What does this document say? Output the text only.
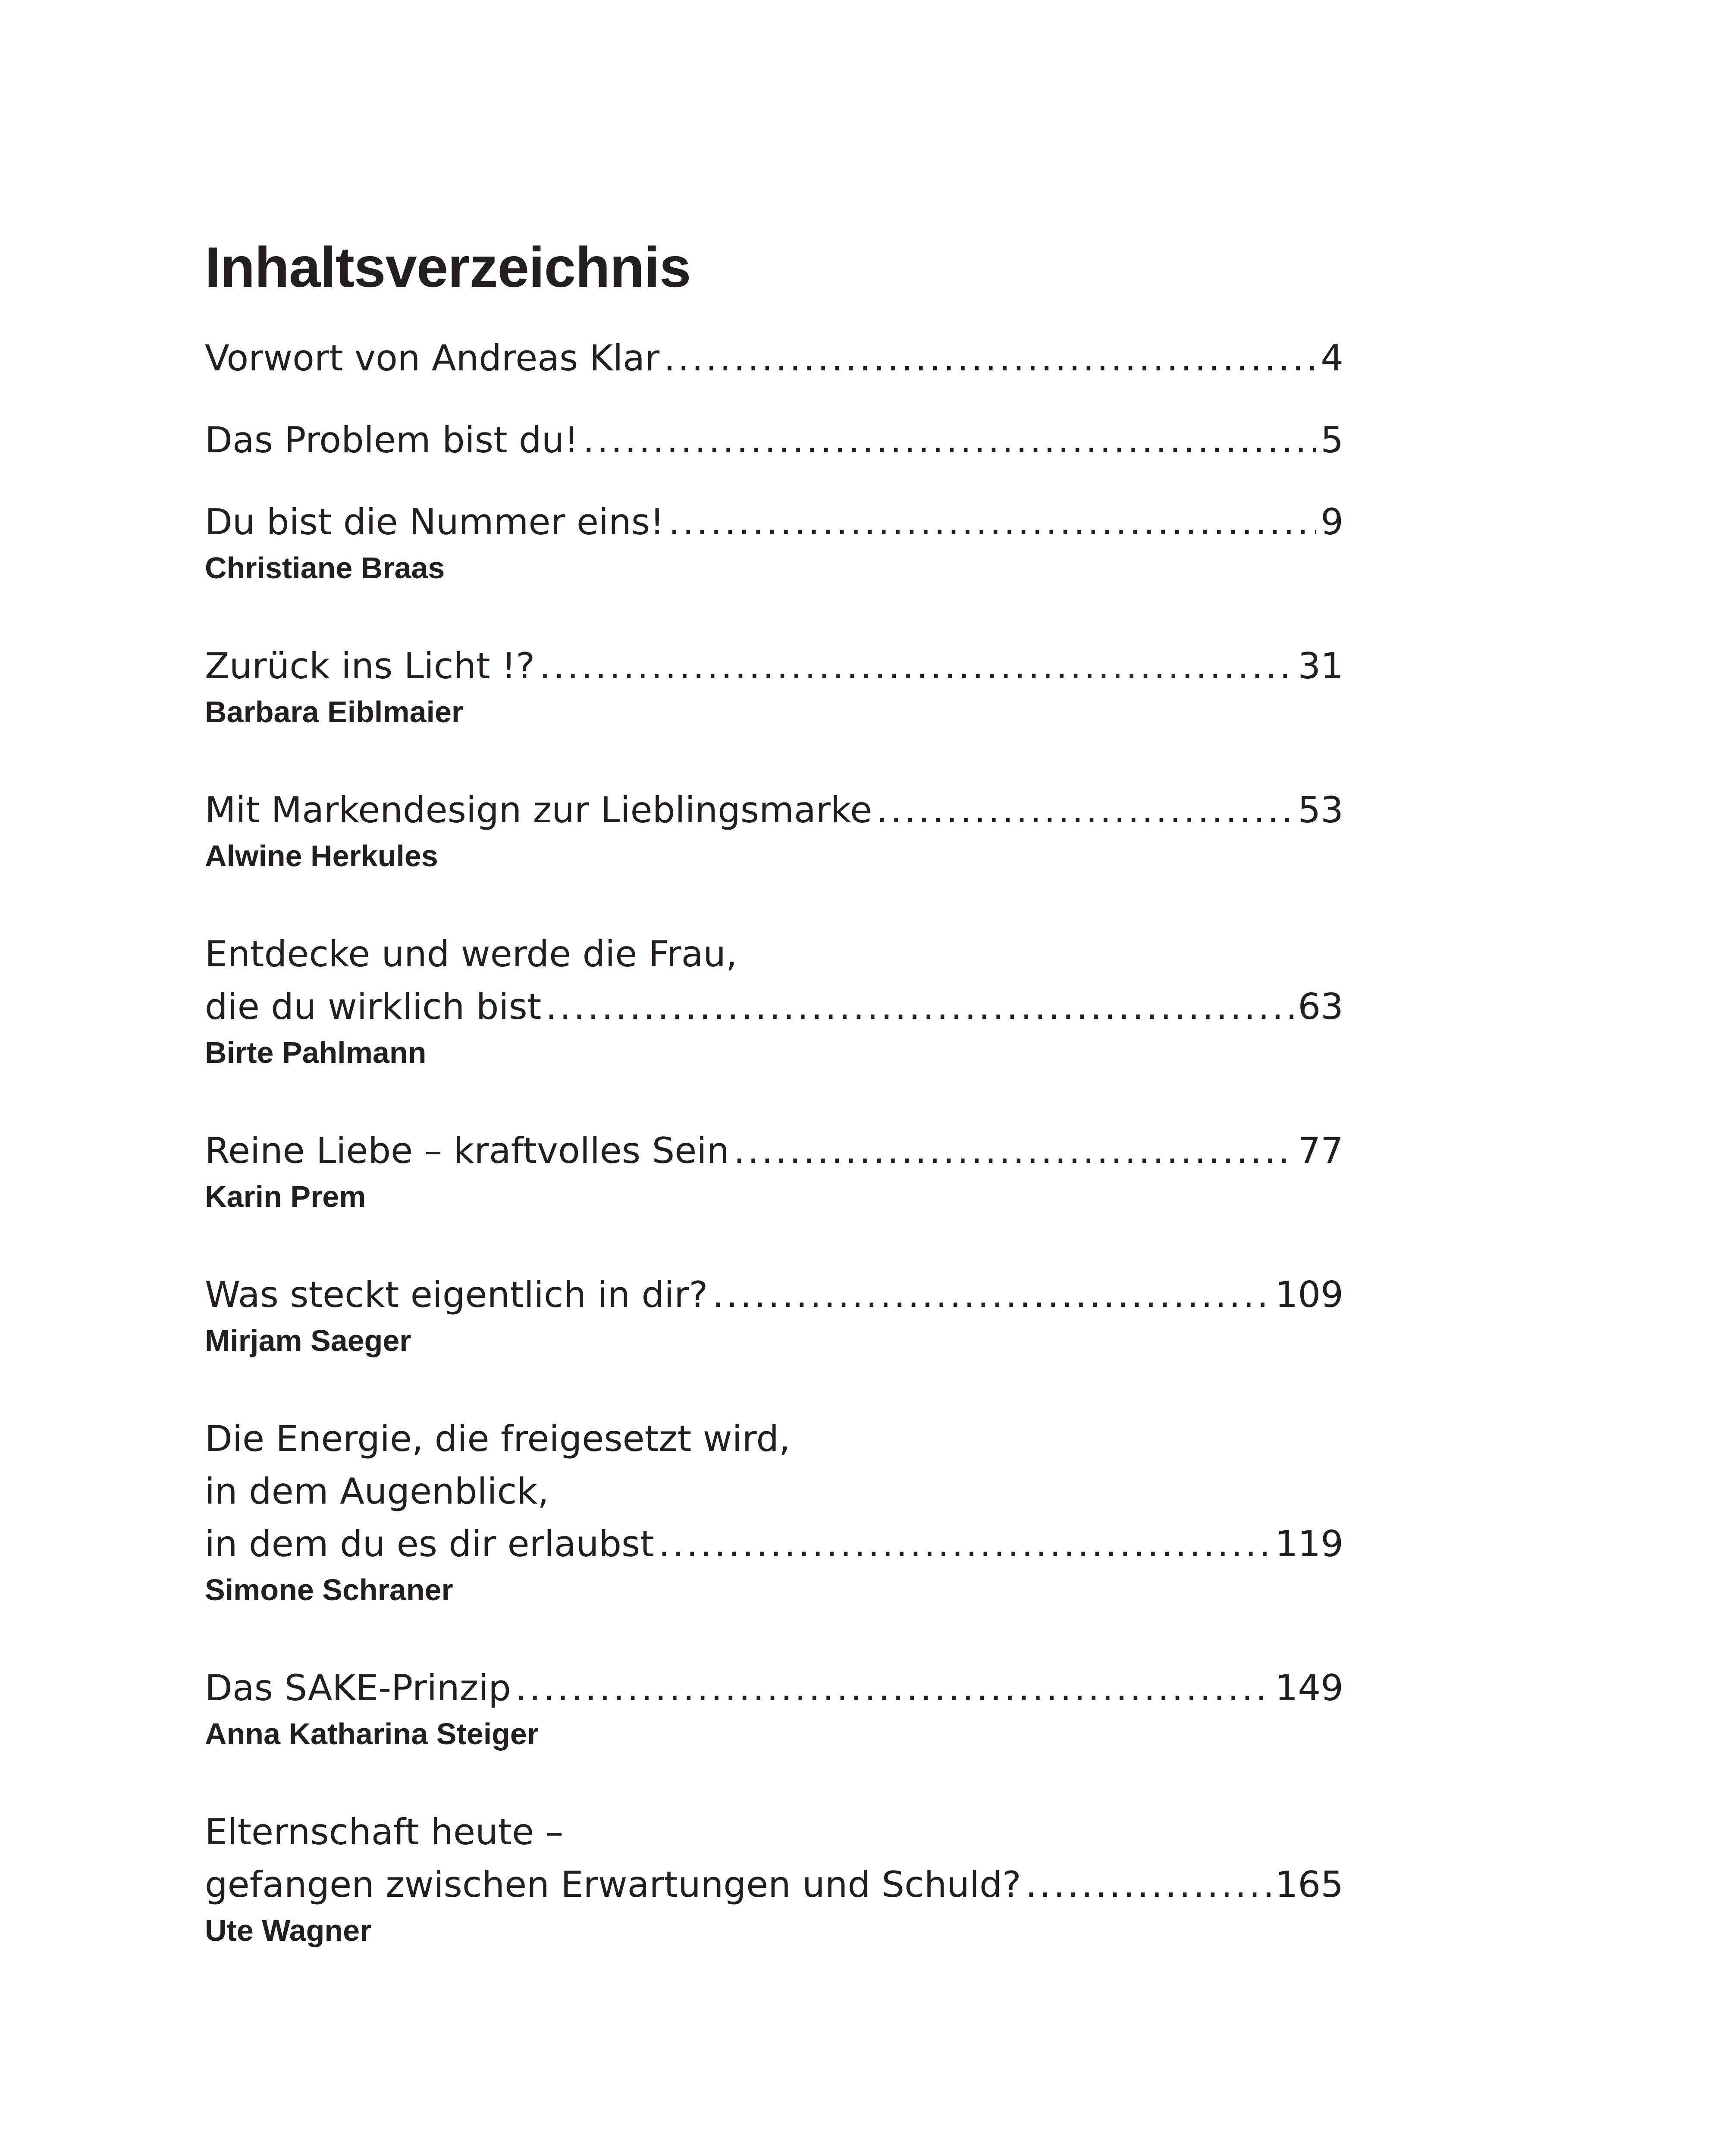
Inhaltsverzeichnis
Vorwort von Andreas Klar .....	4
Das Problem bist du! .....	5
Du bist die Nummer eins! .....	9
Christiane Braas
Zurück ins Licht !? .....	31
Barbara Eiblmaier
Mit Markendesign zur Lieblingsmarke .....	53
Alwine Herkules
Entdecke und werde die Frau,
die du wirklich bist .....	63
Birte Pahlmann
Reine Liebe – kraftvolles Sein .....	77
Karin Prem
Was steckt eigentlich in dir? .....	109
Mirjam Saeger
Die Energie, die freigesetzt wird,
in dem Augenblick,
in dem du es dir erlaubst .....	119
Simone Schraner
Das SAKE-Prinzip .....	149
Anna Katharina Steiger
Elternschaft heute –
gefangen zwischen Erwartungen und Schuld? .....	165
Ute Wagner
